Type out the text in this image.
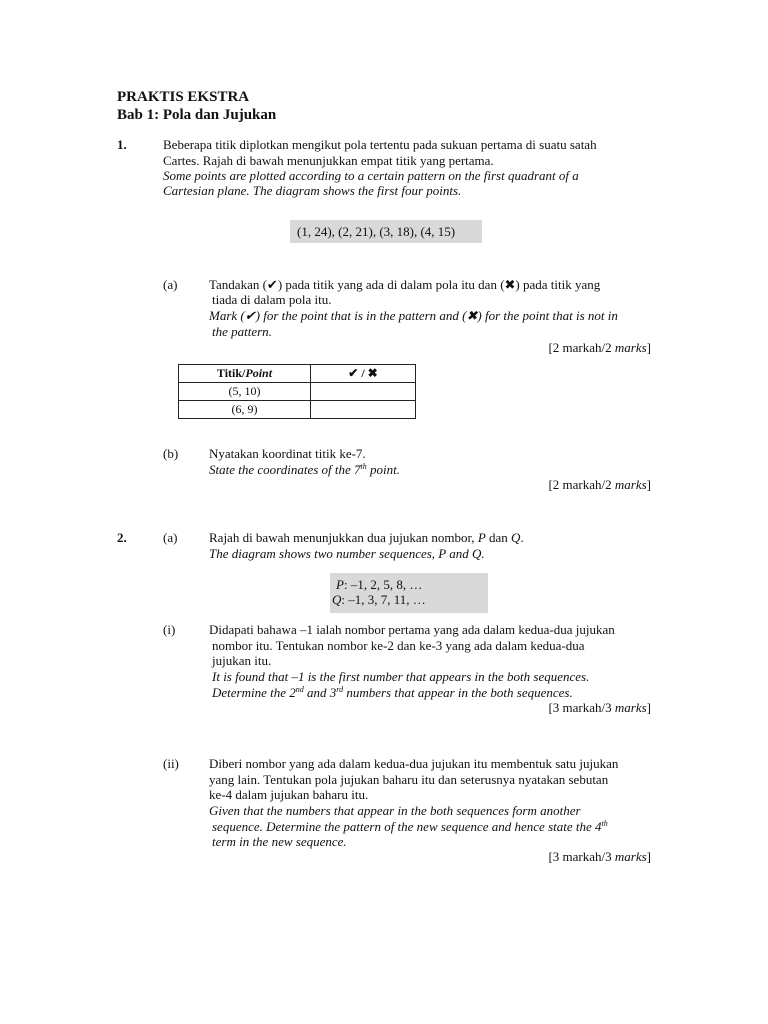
PRAKTIS EKSTRA
Bab 1: Pola dan Jujukan
1.	Beberapa titik diplotkan mengikut pola tertentu pada sukuan pertama di suatu satah
Cartes. Rajah di bawah menunjukkan empat titik yang pertama.
Some points are plotted according to a certain pattern on the first quadrant of a
Cartesian plane. The diagram shows the first four points.
(1, 24), (2, 21), (3, 18), (4, 15)
(a) Tandakan (✔) pada titik yang ada di dalam pola itu dan (✖) pada titik yang
tiada di dalam pola itu.
Mark (✔) for the point that is in the pattern and (✖) for the point that is not in
the pattern.
[2 markah/2 marks]
Titik/Point	✔ / ✖
(5, 10)	
(6, 9)	
(b) Nyatakan koordinat titik ke-7.
State the coordinates of the 7th point.
[2 markah/2 marks]
2.	(a) Rajah di bawah menunjukkan dua jujukan nombor, P dan Q.
The diagram shows two number sequences, P and Q.
P: –1, 2, 5, 8, …
Q: –1, 3, 7, 11, …
(i)	Didapati bahawa –1 ialah nombor pertama yang ada dalam kedua-dua jujukan
nombor itu. Tentukan nombor ke-2 dan ke-3 yang ada dalam kedua-dua
jujukan itu.
It is found that –1 is the first number that appears in the both sequences.
Determine the 2nd and 3rd numbers that appear in the both sequences.
[3 markah/3 marks]
(ii) Diberi nombor yang ada dalam kedua-dua jujukan itu membentuk satu jujukan
yang lain. Tentukan pola jujukan baharu itu dan seterusnya nyatakan sebutan
ke-4 dalam jujukan baharu itu.
Given that the numbers that appear in the both sequences form another
sequence. Determine the pattern of the new sequence and hence state the 4th
term in the new sequence.
[3 markah/3 marks]
